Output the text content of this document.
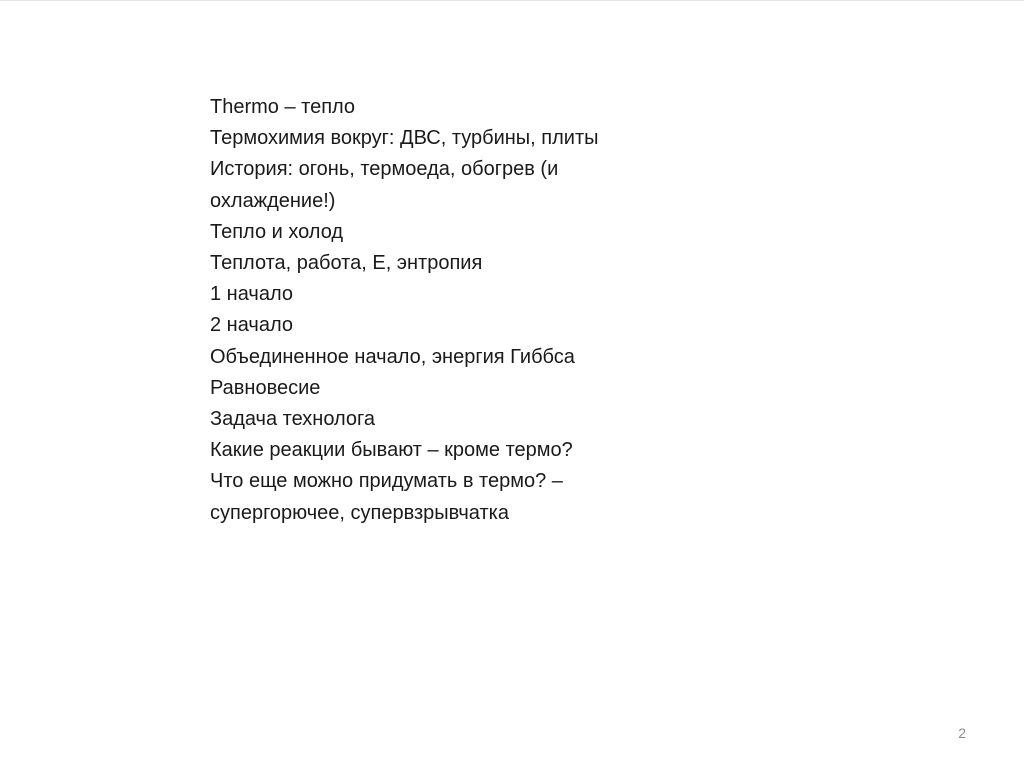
Thermo – тепло
Термохимия вокруг: ДВС, турбины, плиты
История: огонь, термоеда, обогрев (и
охлаждение!)
Тепло и холод
Теплота, работа, E, энтропия
1 начало
2 начало
Объединенное начало, энергия Гиббса
Равновесие
Задача технолога
Какие реакции бывают – кроме термо?
Что еще можно придумать в термо? –
супергорючее, супервзрывчатка
2
